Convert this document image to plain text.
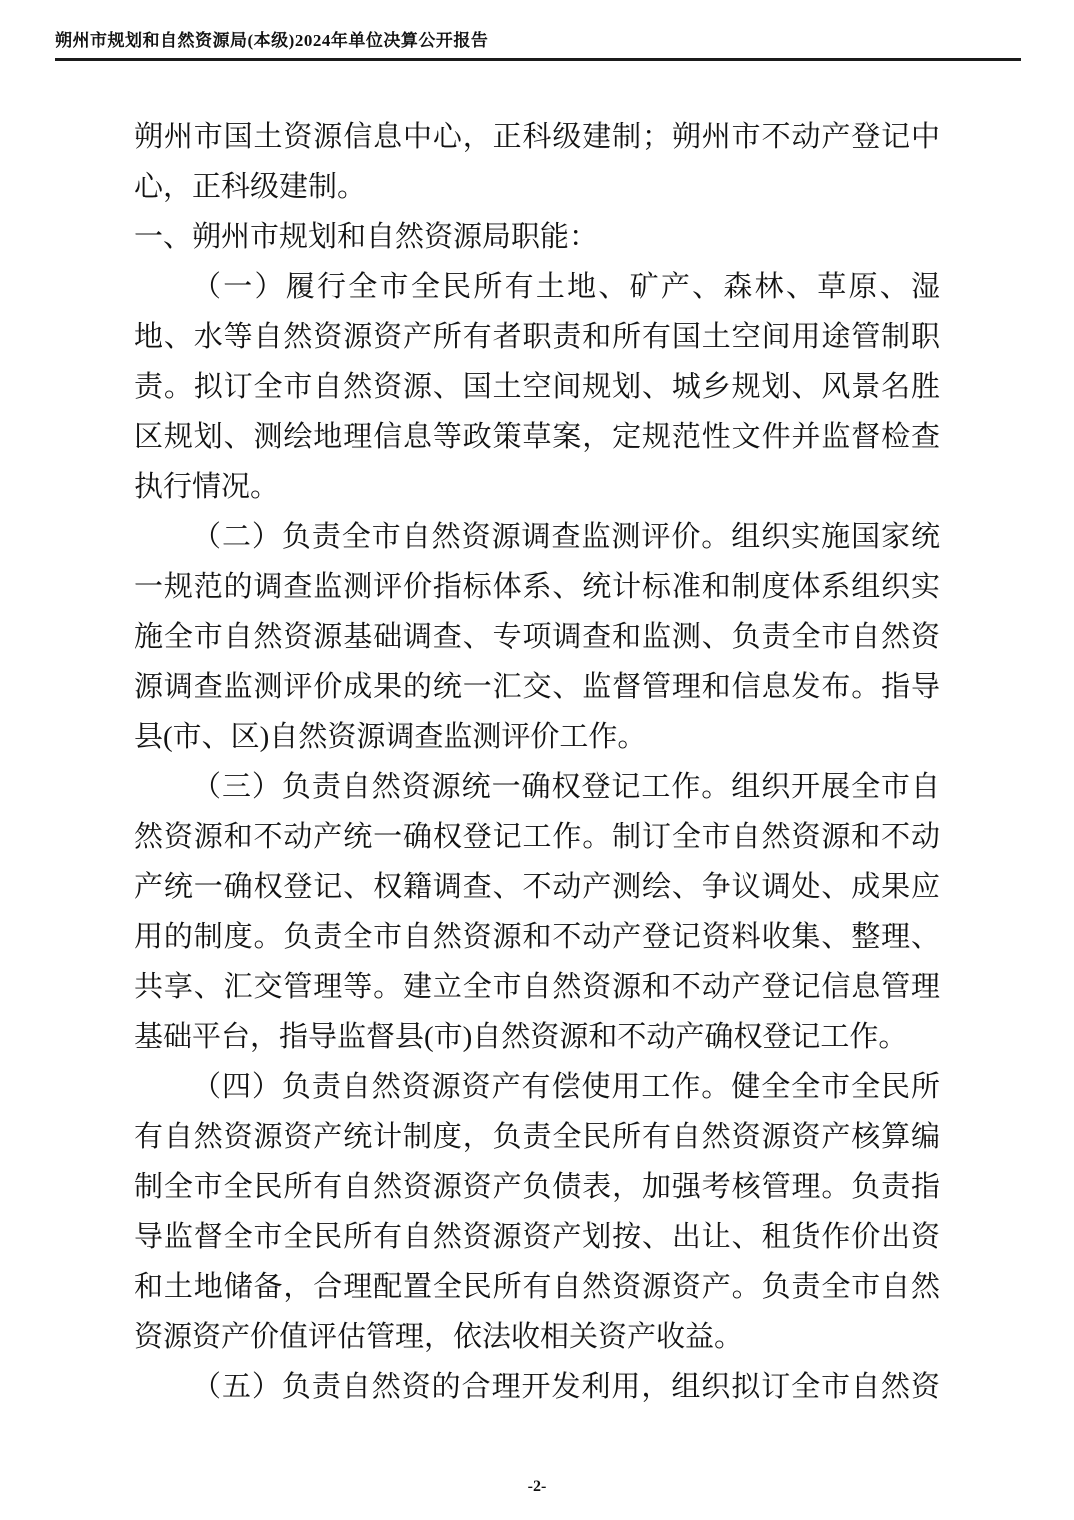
朔州市规划和自然资源局(本级)2024年单位决算公开报告
朔州市国土资源信息中心，正科级建制；朔州市不动产登记中
心，正科级建制。
一、朔州市规划和自然资源局职能：
（一）履行全市全民所有土地、矿产、森林、草原、湿
地、水等自然资源资产所有者职责和所有国土空间用途管制职
责。拟订全市自然资源、国土空间规划、城乡规划、风景名胜
区规划、测绘地理信息等政策草案，定规范性文件并监督检查
执行情况。
（二）负责全市自然资源调查监测评价。组织实施国家统
一规范的调查监测评价指标体系、统计标准和制度体系组织实
施全市自然资源基础调查、专项调查和监测、负责全市自然资
源调查监测评价成果的统一汇交、监督管理和信息发布。指导
县(市、区)自然资源调查监测评价工作。
（三）负责自然资源统一确权登记工作。组织开展全市自
然资源和不动产统一确权登记工作。制订全市自然资源和不动
产统一确权登记、权籍调查、不动产测绘、争议调处、成果应
用的制度。负责全市自然资源和不动产登记资料收集、整理、
共享、汇交管理等。建立全市自然资源和不动产登记信息管理
基础平台，指导监督县(市)自然资源和不动产确权登记工作。
（四）负责自然资源资产有偿使用工作。健全全市全民所
有自然资源资产统计制度，负责全民所有自然资源资产核算编
制全市全民所有自然资源资产负债表，加强考核管理。负责指
导监督全市全民所有自然资源资产划按、出让、租货作价出资
和土地储备，合理配置全民所有自然资源资产。负责全市自然
资源资产价值评估管理，依法收相关资产收益。
（五）负责自然资的合理开发利用，组织拟订全市自然资
-2-
